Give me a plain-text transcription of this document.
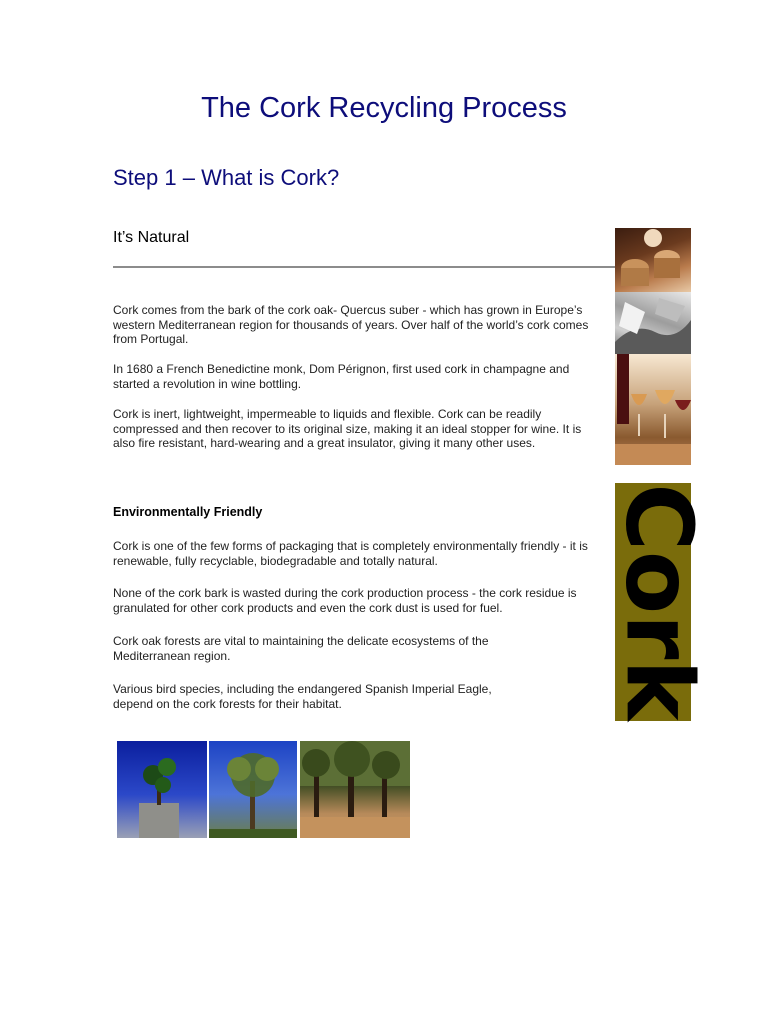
The Cork Recycling Process
Step 1 – What is Cork?
It’s Natural
Cork comes from the bark of the cork oak- Quercus suber - which has grown in Europe’s western Mediterranean region for thousands of years. Over half of the world’s cork comes from Portugal.
In 1680 a French Benedictine monk, Dom Pérignon, first used cork in champagne and started a revolution in wine bottling.
Cork is inert, lightweight, impermeable to liquids and flexible. Cork can be readily compressed and then recover to its original size, making it an ideal stopper for wine. It is also fire resistant, hard-wearing and a great insulator, giving it many other uses.
Environmentally Friendly
Cork is one of the few forms of packaging that is completely environmentally friendly - it is renewable, fully recyclable, biodegradable and totally natural.
None of the cork bark is wasted during the cork production process - the cork residue is granulated for other cork products and even the cork dust is used for fuel.
Cork oak forests are vital to maintaining the delicate ecosystems of the Mediterranean region.
Various bird species, including the endangered Spanish Imperial Eagle, depend on the cork forests for their habitat.	Cork
